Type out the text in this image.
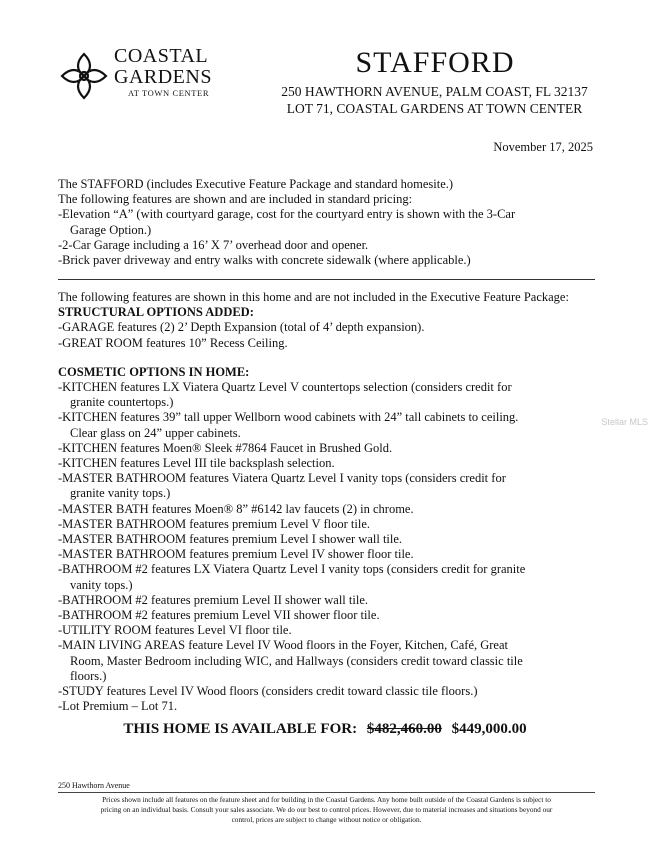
COASTAL
GARDENS
AT TOWN CENTER
STAFFORD
250 HAWTHORN AVENUE, PALM COAST, FL 32137
LOT 71, COASTAL GARDENS AT TOWN CENTER
November 17, 2025

The STAFFORD (includes Executive Feature Package and standard homesite.)

The following features are shown and are included in standard pricing:

-Elevation “A” (with courtyard garage, cost for the courtyard entry is shown with the 3-Car

Garage Option.)

-2-Car Garage including a 16’ X 7’ overhead door and opener.

-Brick paver driveway and entry walks with concrete sidewalk (where applicable.)

The following features are shown in this home and are not included in the Executive Feature Package:

STRUCTURAL OPTIONS ADDED:

-GARAGE features (2) 2’ Depth Expansion (total of 4’ depth expansion).

-GREAT ROOM features 10” Recess Ceiling.

COSMETIC OPTIONS IN HOME:

-KITCHEN features LX Viatera Quartz Level V countertops selection (considers credit for

granite countertops.)

-KITCHEN features 39” tall upper Wellborn wood cabinets with 24” tall cabinets to ceiling.

Clear glass on 24” upper cabinets.

-KITCHEN features Moen® Sleek #7864 Faucet in Brushed Gold.

-KITCHEN features Level III tile backsplash selection.

-MASTER BATHROOM features Viatera Quartz Level I vanity tops (considers credit for

granite vanity tops.)

-MASTER BATH features Moen® 8” #6142 lav faucets (2) in chrome.

-MASTER BATHROOM features premium Level V floor tile.

-MASTER BATHROOM features premium Level I shower wall tile.

-MASTER BATHROOM features premium Level IV shower floor tile.

-BATHROOM #2 features LX Viatera Quartz Level I vanity tops (considers credit for granite

vanity tops.)

-BATHROOM #2 features premium Level II shower wall tile.

-BATHROOM #2 features premium Level VII shower floor tile.

-UTILITY ROOM features Level VI floor tile.

-MAIN LIVING AREAS feature Level IV Wood floors in the Foyer, Kitchen, Café, Great

Room, Master Bedroom including WIC, and Hallways (considers credit toward classic tile

floors.)

-STUDY features Level IV Wood floors (considers credit toward classic tile floors.)

-Lot Premium – Lot 71.

THIS HOME IS AVAILABLE FOR: $482,460.00 $449,000.00
250 Hawthorn Avenue
Prices shown include all features on the feature sheet and for building in the Coastal Gardens. Any home built outside of the Coastal Gardens is subject to
pricing on an individual basis. Consult your sales associate. We do our best to control prices. However, due to material increases and situations beyond our
control, prices are subject to change without notice or obligation.
Stellar MLS
